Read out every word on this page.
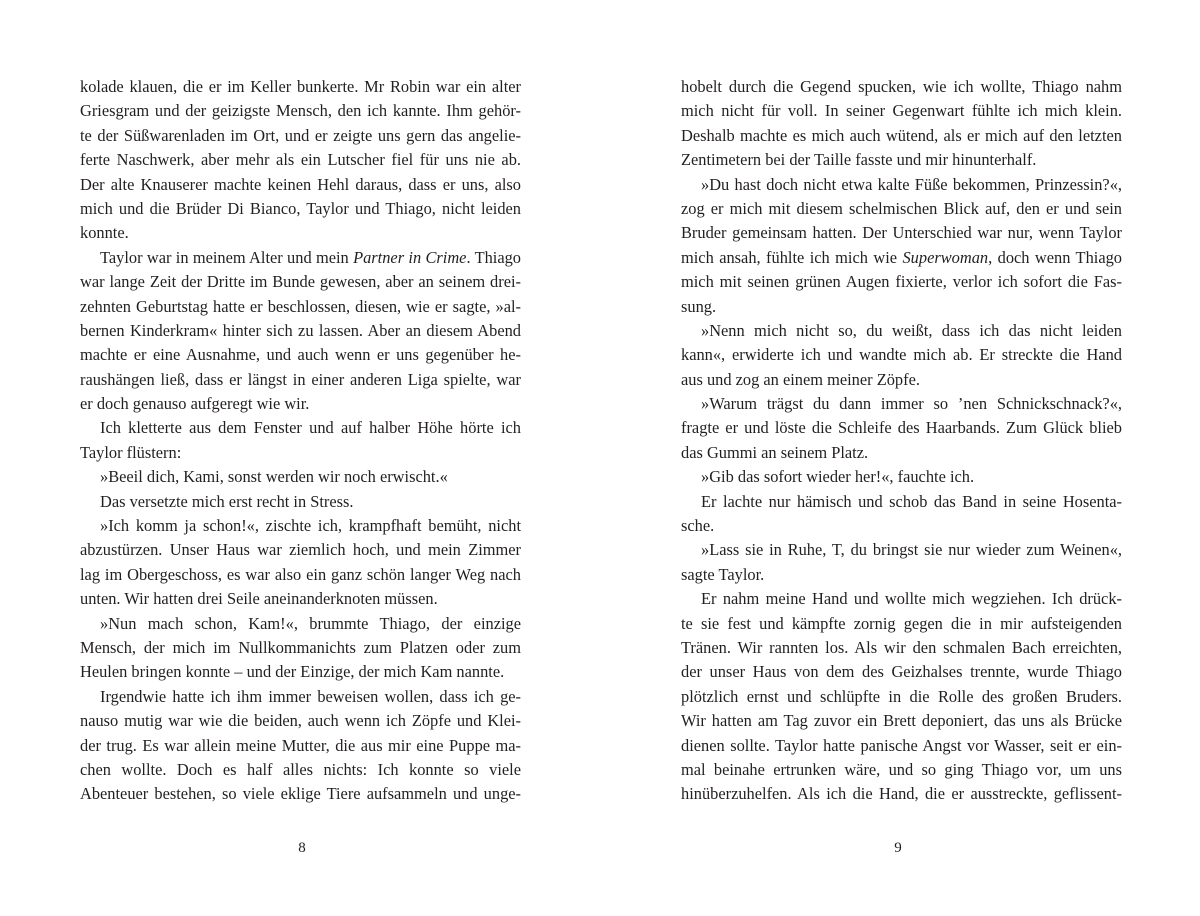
kolade klauen, die er im Keller bunkerte. Mr Robin war ein alter
Griesgram und der geizigste Mensch, den ich kannte. Ihm gehör-
te der Süßwarenladen im Ort, und er zeigte uns gern das angelie-
ferte Naschwerk, aber mehr als ein Lutscher fiel für uns nie ab.
Der alte Knauserer machte keinen Hehl daraus, dass er uns, also
mich und die Brüder Di Bianco, Taylor und Thiago, nicht leiden
konnte.
Taylor war in meinem Alter und mein Partner in Crime. Thiago
war lange Zeit der Dritte im Bunde gewesen, aber an seinem drei-
zehnten Geburtstag hatte er beschlossen, diesen, wie er sagte, »al-
bernen Kinderkram« hinter sich zu lassen. Aber an diesem Abend
machte er eine Ausnahme, und auch wenn er uns gegenüber he-
raushängen ließ, dass er längst in einer anderen Liga spielte, war
er doch genauso aufgeregt wie wir.
Ich kletterte aus dem Fenster und auf halber Höhe hörte ich
Taylor flüstern:
»Beeil dich, Kami, sonst werden wir noch erwischt.«
Das versetzte mich erst recht in Stress.
»Ich komm ja schon!«, zischte ich, krampfhaft bemüht, nicht
abzustürzen. Unser Haus war ziemlich hoch, und mein Zimmer
lag im Obergeschoss, es war also ein ganz schön langer Weg nach
unten. Wir hatten drei Seile aneinanderknoten müssen.
»Nun mach schon, Kam!«, brummte Thiago, der einzige
Mensch, der mich im Nullkommanichts zum Platzen oder zum
Heulen bringen konnte – und der Einzige, der mich Kam nannte.
Irgendwie hatte ich ihm immer beweisen wollen, dass ich ge-
nauso mutig war wie die beiden, auch wenn ich Zöpfe und Klei-
der trug. Es war allein meine Mutter, die aus mir eine Puppe ma-
chen wollte. Doch es half alles nichts: Ich konnte so viele
Abenteuer bestehen, so viele eklige Tiere aufsammeln und unge-
8
hobelt durch die Gegend spucken, wie ich wollte, Thiago nahm
mich nicht für voll. In seiner Gegenwart fühlte ich mich klein.
Deshalb machte es mich auch wütend, als er mich auf den letzten
Zentimetern bei der Taille fasste und mir hinunterhalf.
»Du hast doch nicht etwa kalte Füße bekommen, Prinzessin?«,
zog er mich mit diesem schelmischen Blick auf, den er und sein
Bruder gemeinsam hatten. Der Unterschied war nur, wenn Taylor
mich ansah, fühlte ich mich wie Superwoman, doch wenn Thiago
mich mit seinen grünen Augen fixierte, verlor ich sofort die Fas-
sung.
»Nenn mich nicht so, du weißt, dass ich das nicht leiden
kann«, erwiderte ich und wandte mich ab. Er streckte die Hand
aus und zog an einem meiner Zöpfe.
»Warum trägst du dann immer so ’nen Schnickschnack?«,
fragte er und löste die Schleife des Haarbands. Zum Glück blieb
das Gummi an seinem Platz.
»Gib das sofort wieder her!«, fauchte ich.
Er lachte nur hämisch und schob das Band in seine Hosenta-
sche.
»Lass sie in Ruhe, T, du bringst sie nur wieder zum Weinen«,
sagte Taylor.
Er nahm meine Hand und wollte mich wegziehen. Ich drück-
te sie fest und kämpfte zornig gegen die in mir aufsteigenden
Tränen. Wir rannten los. Als wir den schmalen Bach erreichten,
der unser Haus von dem des Geizhalses trennte, wurde Thiago
plötzlich ernst und schlüpfte in die Rolle des großen Bruders.
Wir hatten am Tag zuvor ein Brett deponiert, das uns als Brücke
dienen sollte. Taylor hatte panische Angst vor Wasser, seit er ein-
mal beinahe ertrunken wäre, und so ging Thiago vor, um uns
hinüberzuhelfen. Als ich die Hand, die er ausstreckte, geflissent-
9
